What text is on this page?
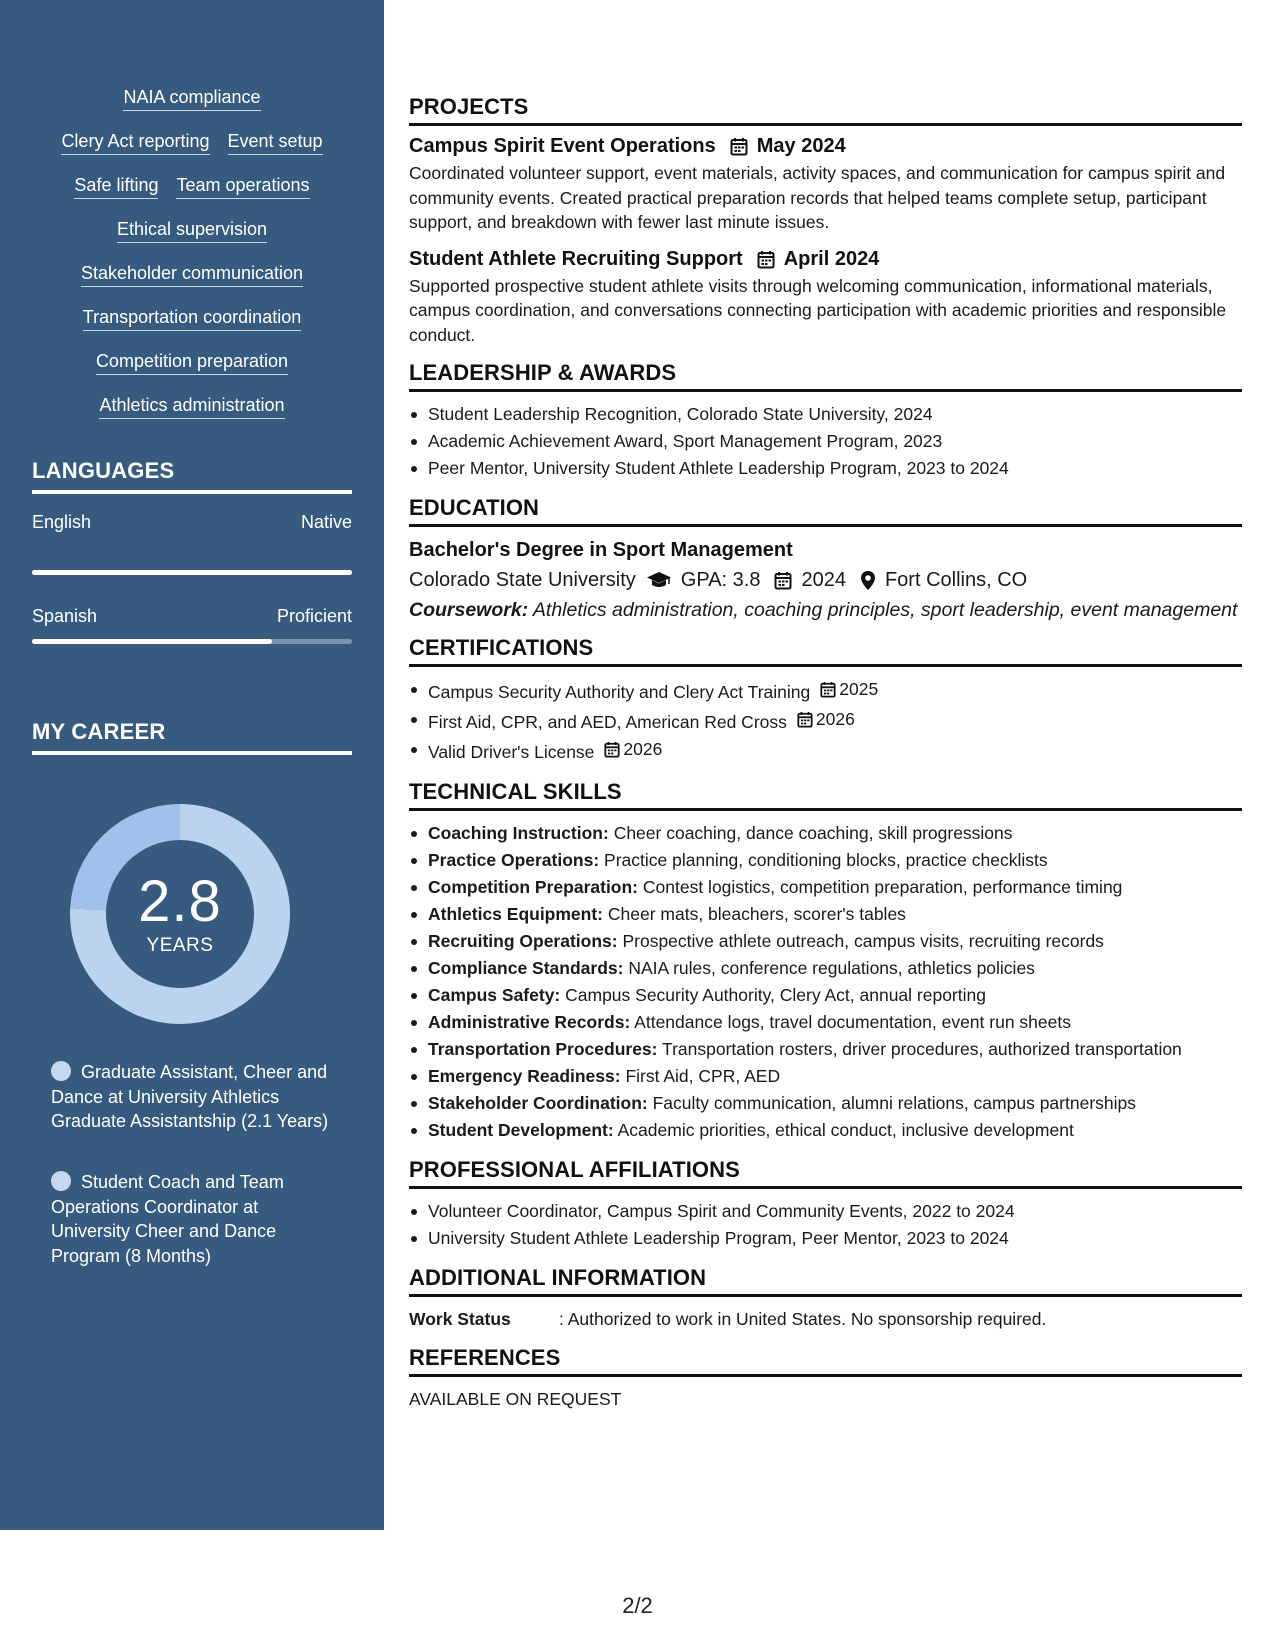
NAIA compliance
Clery Act reporting Event setup
Safe lifting Team operations
Ethical supervision
Stakeholder communication
Transportation coordination
Competition preparation
Athletics administration
LANGUAGES
English	Native
Spanish	Proficient
MY CAREER
2.8
YEARS
Graduate Assistant, Cheer and Dance at University Athletics Graduate Assistantship (2.1 Years)
Student Coach and Team Operations Coordinator at University Cheer and Dance Program (8 Months)
PROJECTS
Campus Spirit Event Operations May 2024

Coordinated volunteer support, event materials, activity spaces, and communication for campus spirit and community events. Created practical preparation records that helped teams complete setup, participant support, and breakdown with fewer last minute issues.

Student Athlete Recruiting Support April 2024

Supported prospective student athlete visits through welcoming communication, informational materials, campus coordination, and conversations connecting participation with academic priorities and responsible conduct.

LEADERSHIP & AWARDS
Student Leadership Recognition, Colorado State University, 2024
Academic Achievement Award, Sport Management Program, 2023
Peer Mentor, University Student Athlete Leadership Program, 2023 to 2024
EDUCATION
Bachelor's Degree in Sport Management
Colorado State University GPA: 3.8 2024 Fort Collins, CO
Coursework: Athletics administration, coaching principles, sport leadership, event management
CERTIFICATIONS
Campus Security Authority and Clery Act Training 2025
First Aid, CPR, and AED, American Red Cross 2026
Valid Driver's License 2026
TECHNICAL SKILLS
Coaching Instruction: Cheer coaching, dance coaching, skill progressions
Practice Operations: Practice planning, conditioning blocks, practice checklists
Competition Preparation: Contest logistics, competition preparation, performance timing
Athletics Equipment: Cheer mats, bleachers, scorer's tables
Recruiting Operations: Prospective athlete outreach, campus visits, recruiting records
Compliance Standards: NAIA rules, conference regulations, athletics policies
Campus Safety: Campus Security Authority, Clery Act, annual reporting
Administrative Records: Attendance logs, travel documentation, event run sheets
Transportation Procedures: Transportation rosters, driver procedures, authorized transportation
Emergency Readiness: First Aid, CPR, AED
Stakeholder Coordination: Faculty communication, alumni relations, campus partnerships
Student Development: Academic priorities, ethical conduct, inclusive development
PROFESSIONAL AFFILIATIONS
Volunteer Coordinator, Campus Spirit and Community Events, 2022 to 2024
University Student Athlete Leadership Program, Peer Mentor, 2023 to 2024
ADDITIONAL INFORMATION
Work Status	: Authorized to work in United States. No sponsorship required.
REFERENCES
AVAILABLE ON REQUEST
2/2
